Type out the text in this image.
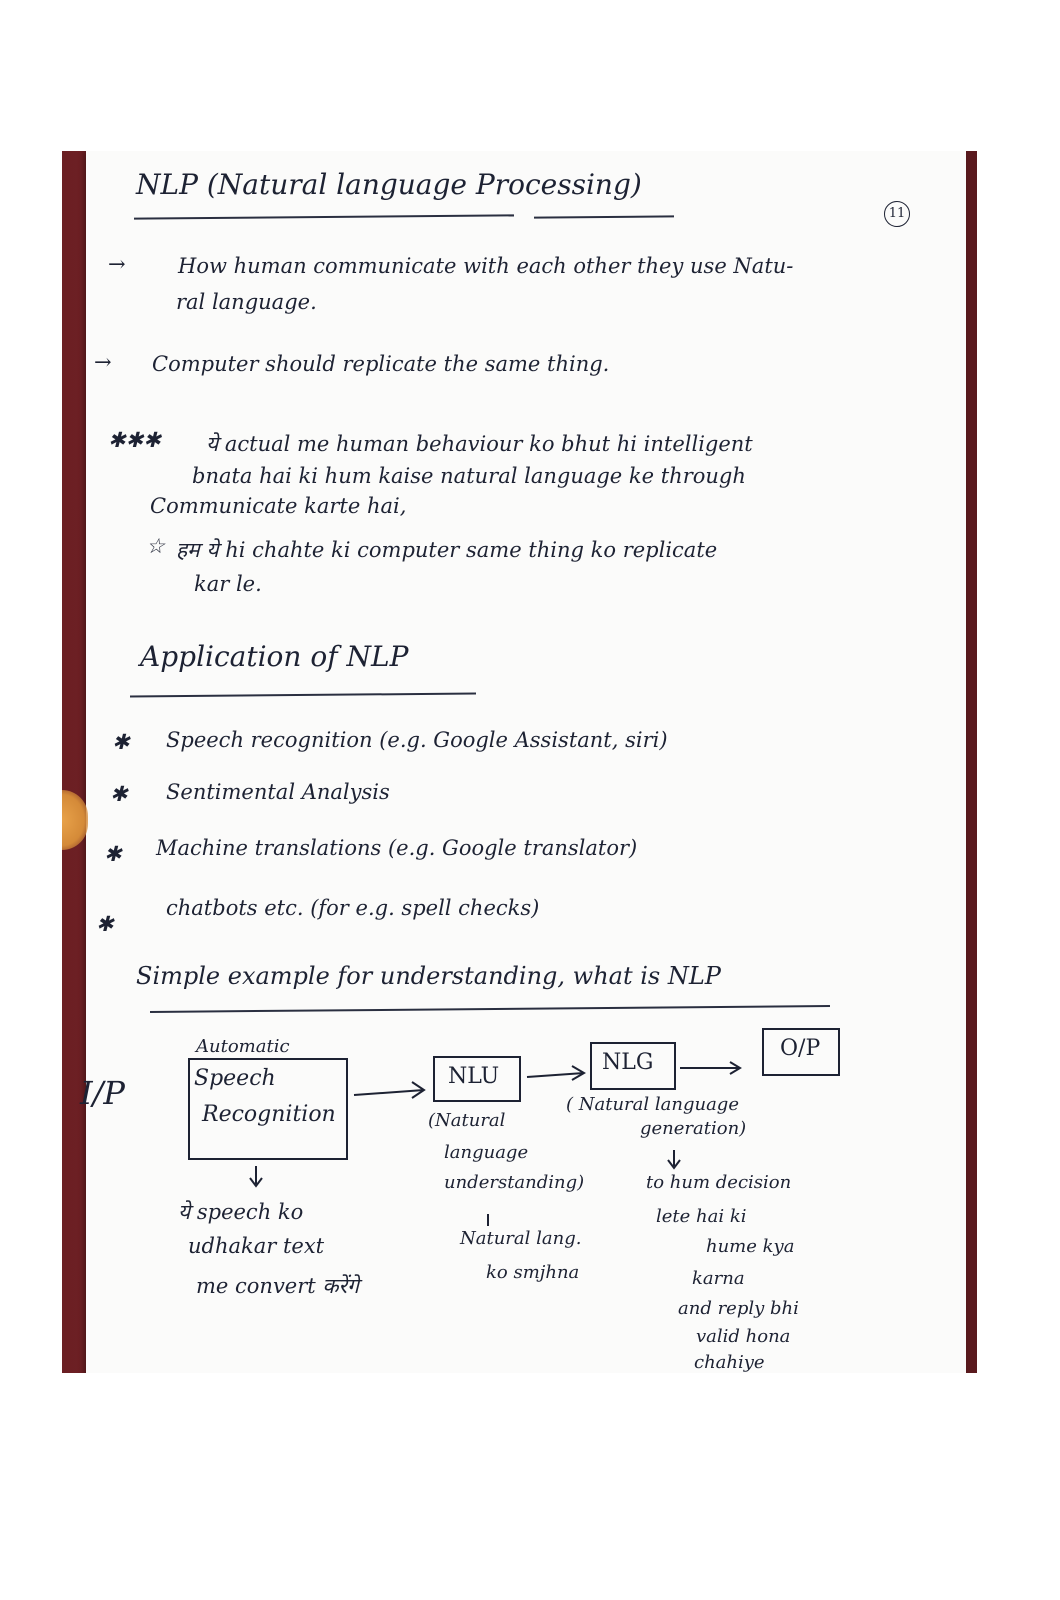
11
NLP (Natural language Processing)
→ How human communicate with each other they use Natu-
ral language.
→ Computer should replicate the same thing.
✱✱✱ ये actual me human behaviour ko bhut hi intelligent
bnata hai ki hum kaise natural language ke through
Communicate karte hai,
☆ हम ये hi chahte ki computer same thing ko replicate
kar le.
Application of NLP
✱ Speech recognition (e.g. Google Assistant, siri)
✱ Sentimental Analysis
✱ Machine translations (e.g. Google translator)
✱
chatbots etc. (for e.g. spell checks)
Simple example for understanding, what is NLP
I/P
Automatic
Speech
Recognition
NLU
NLG
O/P
(Natural
language
understanding)
( Natural language
generation)
ये speech ko
udhakar text
me convert करेंगे
Natural lang.
ko smjhna
to hum decision
lete hai ki
hume kya
karna
and reply bhi
valid hona
chahiye
